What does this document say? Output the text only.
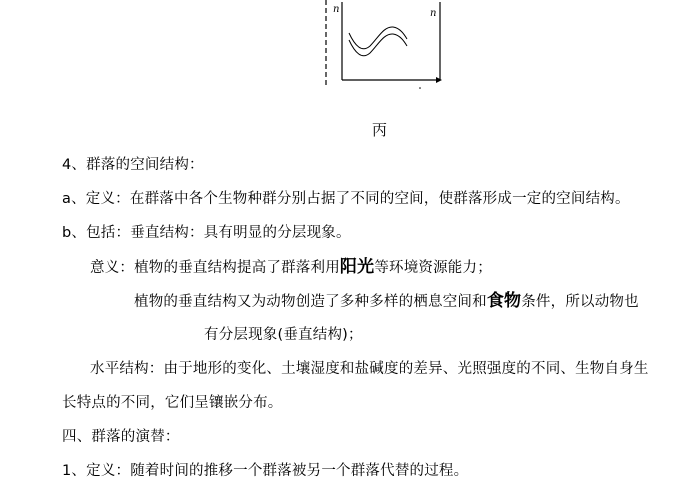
n	n
丙
4、群落的空间结构：
a、定义：在群落中各个生物种群分别占据了不同的空间，使群落形成一定的空间结构。
b、包括：垂直结构：具有明显的分层现象。
意义：植物的垂直结构提高了群落利用阳光等环境资源能力；
植物的垂直结构又为动物创造了多种多样的栖息空间和食物条件，所以动物也
有分层现象(垂直结构)；
水平结构：由于地形的变化、土壤湿度和盐碱度的差异、光照强度的不同、生物自身生
长特点的不同，它们呈镶嵌分布。
四、群落的演替：
1、定义：随着时间的推移一个群落被另一个群落代替的过程。
